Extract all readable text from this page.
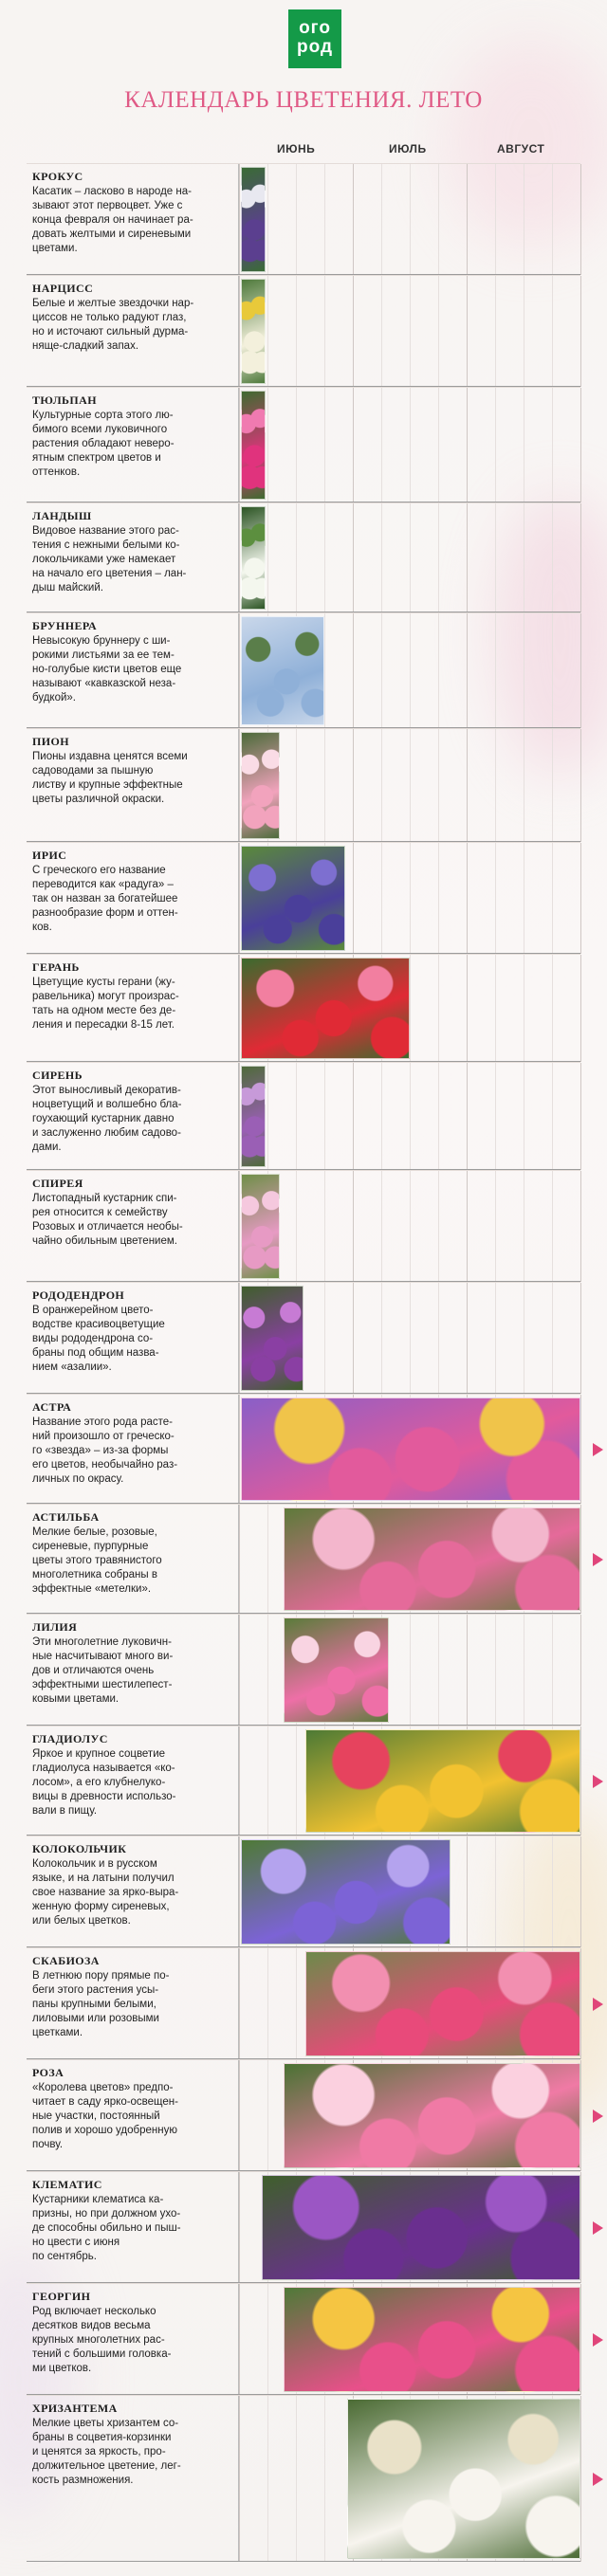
ого
род
КАЛЕНДАРЬ ЦВЕТЕНИЯ. ЛЕТО
ИЮНЬ	ИЮЛЬ	АВГУСТ
КРОКУС
Касатик – ласково в народе на-
зывают этот первоцвет. Уже с
конца февраля он начинает ра-
довать желтыми и сиреневыми
цветами.
НАРЦИСС
Белые и желтые звездочки нар-
циссов не только радуют глаз,
но и источают сильный дурма-
няще-сладкий запах.
ТЮЛЬПАН
Культурные сорта этого лю-
бимого всеми луковичного
растения обладают неверо-
ятным спектром цветов и
оттенков.
ЛАНДЫШ
Видовое название этого рас-
тения с нежными белыми ко-
локольчиками уже намекает
на начало его цветения – лан-
дыш майский.
БРУННЕРА
Невысокую бруннеру с ши-
рокими листьями за ее тем-
но-голубые кисти цветов еще
называют «кавказской неза-
будкой».
ПИОН
Пионы издавна ценятся всеми
садоводами за пышную
листву и крупные эффектные
цветы различной окраски.
ИРИС
С греческого его название
переводится как «радуга» –
так он назван за богатейшее
разнообразие форм и оттен-
ков.
ГЕРАНЬ
Цветущие кусты герани (жу-
равельника) могут произрас-
тать на одном месте без де-
ления и пересадки 8-15 лет.
СИРЕНЬ
Этот выносливый декоратив-
ноцветущий и волшебно бла-
гоухающий кустарник давно
и заслуженно любим садово-
дами.
СПИРЕЯ
Листопадный кустарник спи-
рея относится к семейству
Розовых и отличается необы-
чайно обильным цветением.
РОДОДЕНДРОН
В оранжерейном цвето-
водстве красивоцветущие
виды рододендрона со-
браны под общим назва-
нием «азалии».
АСТРА
Название этого рода расте-
ний произошло от греческо-
го «звезда» – из-за формы
его цветов, необычайно раз-
личных по окрасу.
АСТИЛЬБА
Мелкие белые, розовые,
сиреневые, пурпурные
цветы этого травянистого
многолетника собраны в
эффектные «метелки».
ЛИЛИЯ
Эти многолетние луковичн-
ные насчитывают много ви-
дов и отличаются очень
эффектными шестилепест-
ковыми цветами.
ГЛАДИОЛУС
Яркое и крупное соцветие
гладиолуса называется «ко-
лосом», а его клубнелуко-
вицы в древности использо-
вали в пищу.
КОЛОКОЛЬЧИК
Колокольчик и в русском
языке, и на латыни получил
свое название за ярко-выра-
женную форму сиреневых,
или белых цветков.
СКАБИОЗА
В летнюю пору прямые по-
беги этого растения усы-
паны крупными белыми,
лиловыми или розовыми
цветками.
РОЗА
«Королева цветов» предпо-
читает в саду ярко-освещен-
ные участки, постоянный
полив и хорошо удобренную
почву.
КЛЕМАТИС
Кустарники клематиса ка-
призны, но при должном ухо-
де способны обильно и пыш-
но цвести с июня
по сентябрь.
ГЕОРГИН
Род включает несколько
десятков видов весьма
крупных многолетних рас-
тений с большими головка-
ми цветков.
ХРИЗАНТЕМА
Мелкие цветы хризантем со-
браны в соцветия-корзинки
и ценятся за яркость, про-
должительное цветение, лег-
кость размножения.
